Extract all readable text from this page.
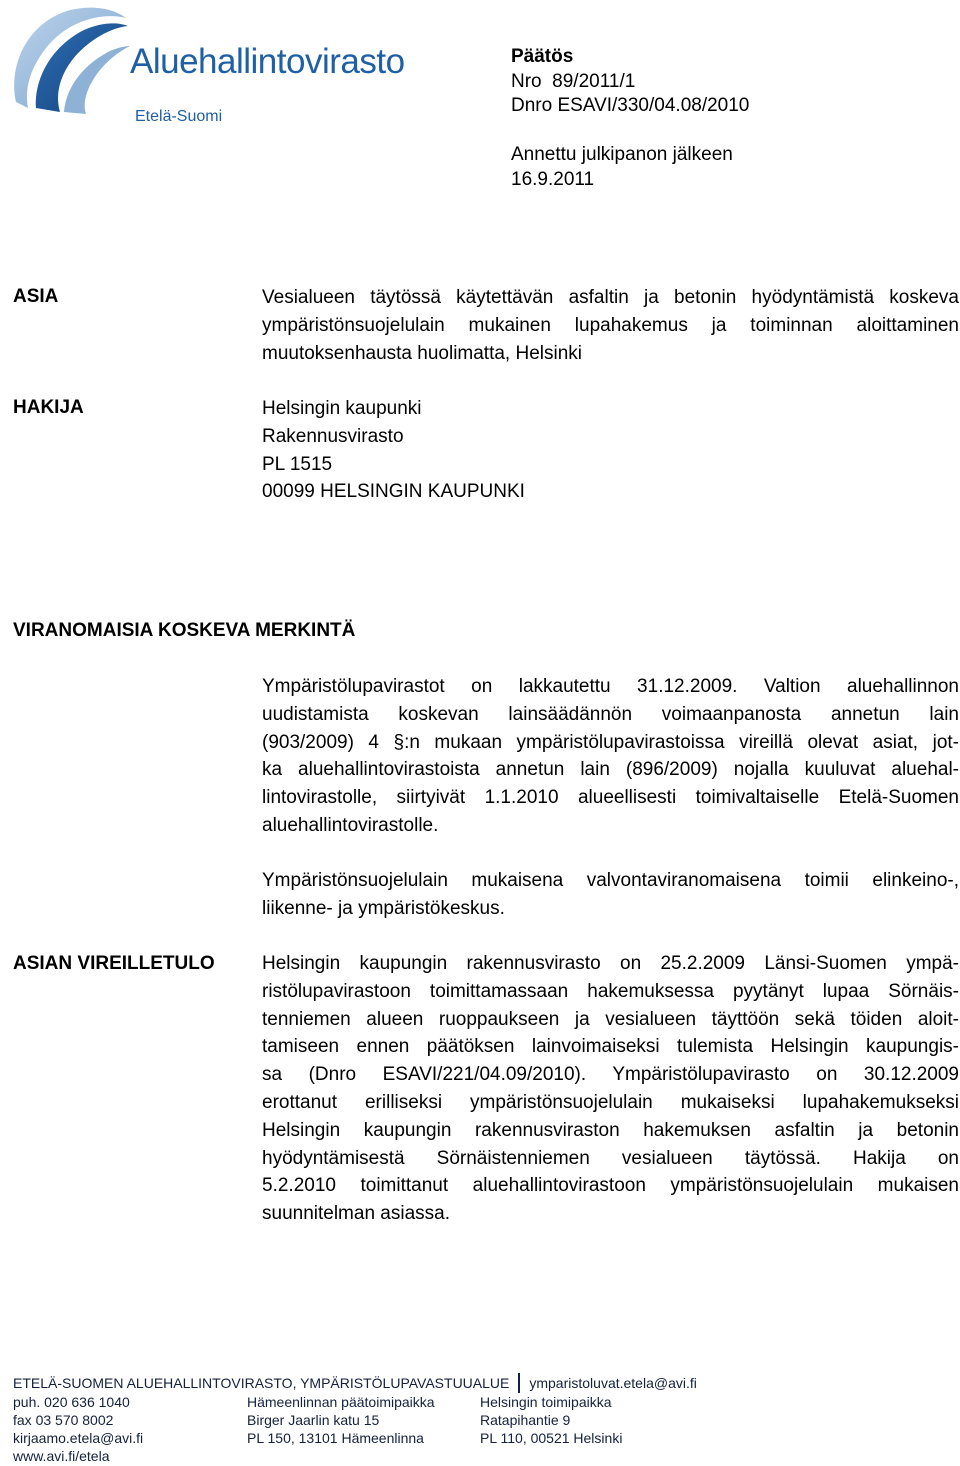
Aluehallintovirasto
Etelä-Suomi
Päätös
Nro  89/2011/1
Dnro ESAVI/330/04.08/2010
Annettu julkipanon jälkeen
16.9.2011
ASIA	Vesialueen täytössä käytettävän asfaltin ja betonin hyödyntämistä koskeva
ympäristönsuojelulain mukainen lupahakemus ja toiminnan aloittaminen
muutoksenhausta huolimatta, Helsinki
HAKIJA	Helsingin kaupunki
Rakennusvirasto
PL 1515
00099 HELSINGIN KAUPUNKI
VIRANOMAISIA KOSKEVA MERKINTÄ
Ympäristölupavirastot on lakkautettu 31.12.2009. Valtion aluehallinnon
uudistamista koskevan lainsäädännön voimaanpanosta annetun lain
(903/2009) 4 §:n mukaan ympäristölupavirastoissa vireillä olevat asiat, jot-
ka aluehallintovirastoista annetun lain (896/2009) nojalla kuuluvat aluehal-
lintovirastolle, siirtyivät 1.1.2010 alueellisesti toimivaltaiselle Etelä-Suomen
aluehallintovirastolle.
Ympäristönsuojelulain mukaisena valvontaviranomaisena toimii elinkeino-,
liikenne- ja ympäristökeskus.
ASIAN VIREILLETULO Helsingin kaupungin rakennusvirasto on 25.2.2009 Länsi-Suomen ympä-
ristölupavirastoon toimittamassaan hakemuksessa pyytänyt lupaa Sörnäis-
tenniemen alueen ruoppaukseen ja vesialueen täyttöön sekä töiden aloit-
tamiseen ennen päätöksen lainvoimaiseksi tulemista Helsingin kaupungis-
sa (Dnro ESAVI/221/04.09/2010). Ympäristölupavirasto on 30.12.2009
erottanut erilliseksi ympäristönsuojelulain mukaiseksi lupahakemukseksi
Helsingin kaupungin rakennusviraston hakemuksen asfaltin ja betonin
hyödyntämisestä Sörnäistenniemen vesialueen täytössä. Hakija on
5.2.2010 toimittanut aluehallintovirastoon ympäristönsuojelulain mukaisen
suunnitelman asiassa.
ETELÄ-SUOMEN ALUEHALLINTOVIRASTO, YMPÄRISTÖLUPAVASTUUALUE ymparistoluvat.etela@avi.fi
puh. 020 636 1040
fax 03 570 8002
kirjaamo.etela@avi.fi
www.avi.fi/etela
Hämeenlinnan päätoimipaikka
Birger Jaarlin katu 15
PL 150, 13101 Hämeenlinna
Helsingin toimipaikka
Ratapihantie 9
PL 110, 00521 Helsinki
